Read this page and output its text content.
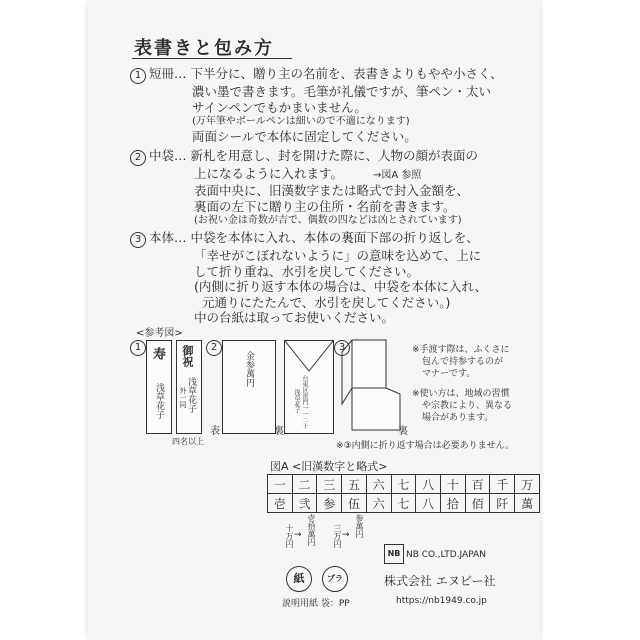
表書きと包み方
1 短冊… 下半分に、贈り主の名前を、表書きよりもやや小さく、
濃い墨で書きます。毛筆が礼儀ですが、筆ペン・太い
サインペンでもかまいません。
(万年筆やボールペンは細いので不適になります)
両面シールで本体に固定してください。
2 中袋… 新札を用意し、封を開けた際に、人物の顔が表面の
上になるように入れます。	→図A 参照
表面中央に、旧漢数字または略式で封入金額を、
裏面の左下に贈り主の住所・名前を書きます。
(お祝い金は奇数が吉で、偶数の四などは凶とされています)
3 本体… 中袋を本体に入れ、本体の裏面下部の折り返しを、
「幸せがこぼれないように」の意味を込めて、上に
して折り重ね、水引を戻してください。
(内側に折り返す本体の場合は、中袋を本体に入れ、
元通りにたたんで、水引を戻してください。)
中の台紙は取ってお使いください。
<参考図>
1 寿
浅草花子
御祝
浅草花子
外一同
四名以上
2
金参萬円
表
台東区雷門一一二十
浅草花子
裏
3
裏
※手渡す際は、ふくさに
包んで持参するのが
マナーです。
※使い方は、地域の習慣
や宗教により、異なる
場合があります。
※③内側に折り返す場合は必要ありません。
図A <旧漢数字と略式>
一	二	三	五	六	七	八	十	百	千	万
壱	弐	参	伍	六	七	八	拾	佰	阡	萬
十万円 → 壱拾萬円 三万円 → 参萬円
NB NB CO.,LTD.JAPAN
株式会社 エヌビー社
https://nb1949.co.jp
紙	プラ
説明用紙 袋：PP
